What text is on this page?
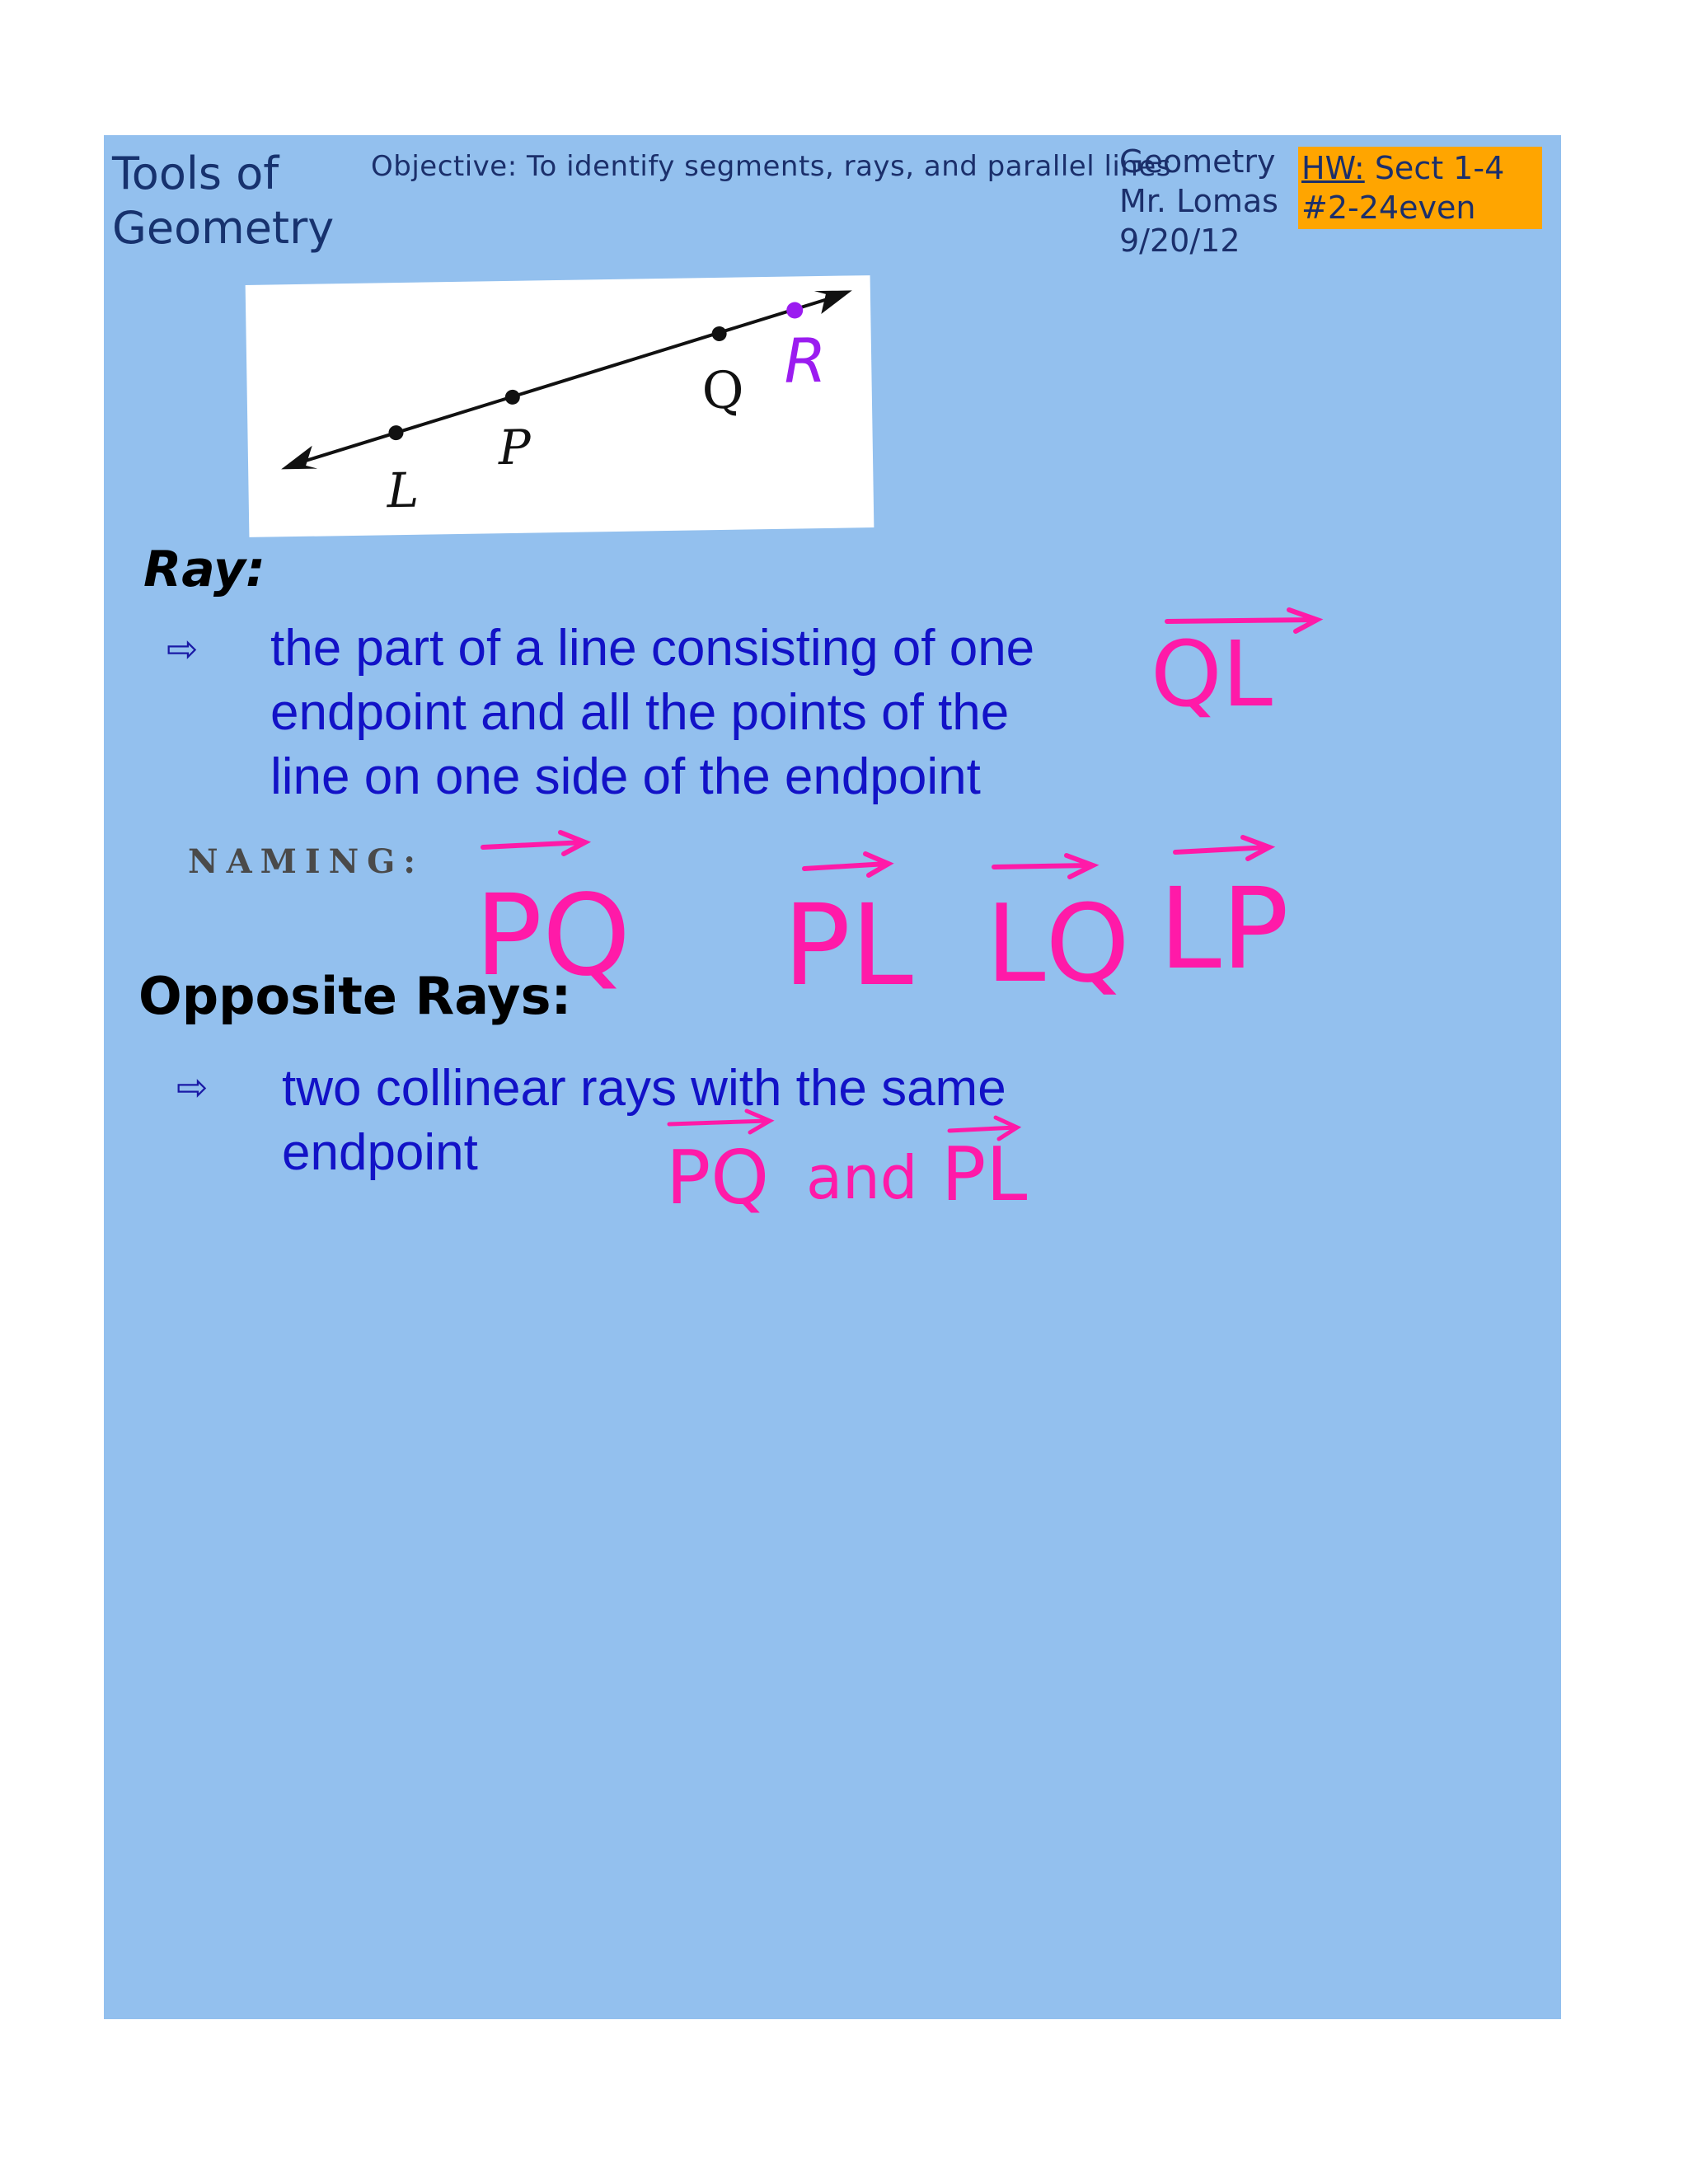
Tools of
Geometry
Objective: To identify segments, rays, and parallel lines
Geometry
Mr. Lomas
9/20/12
HW: Sect 1-4
#2-24even
L
P
Q R
Ray:
⇨ the part of a line consisting of one
endpoint and all the points of the
line on one side of the endpoint
QL
NAMING:
PQ PL LQ LP
Opposite Rays:
⇨ two collinear rays with the same
endpoint	PQ and PL
